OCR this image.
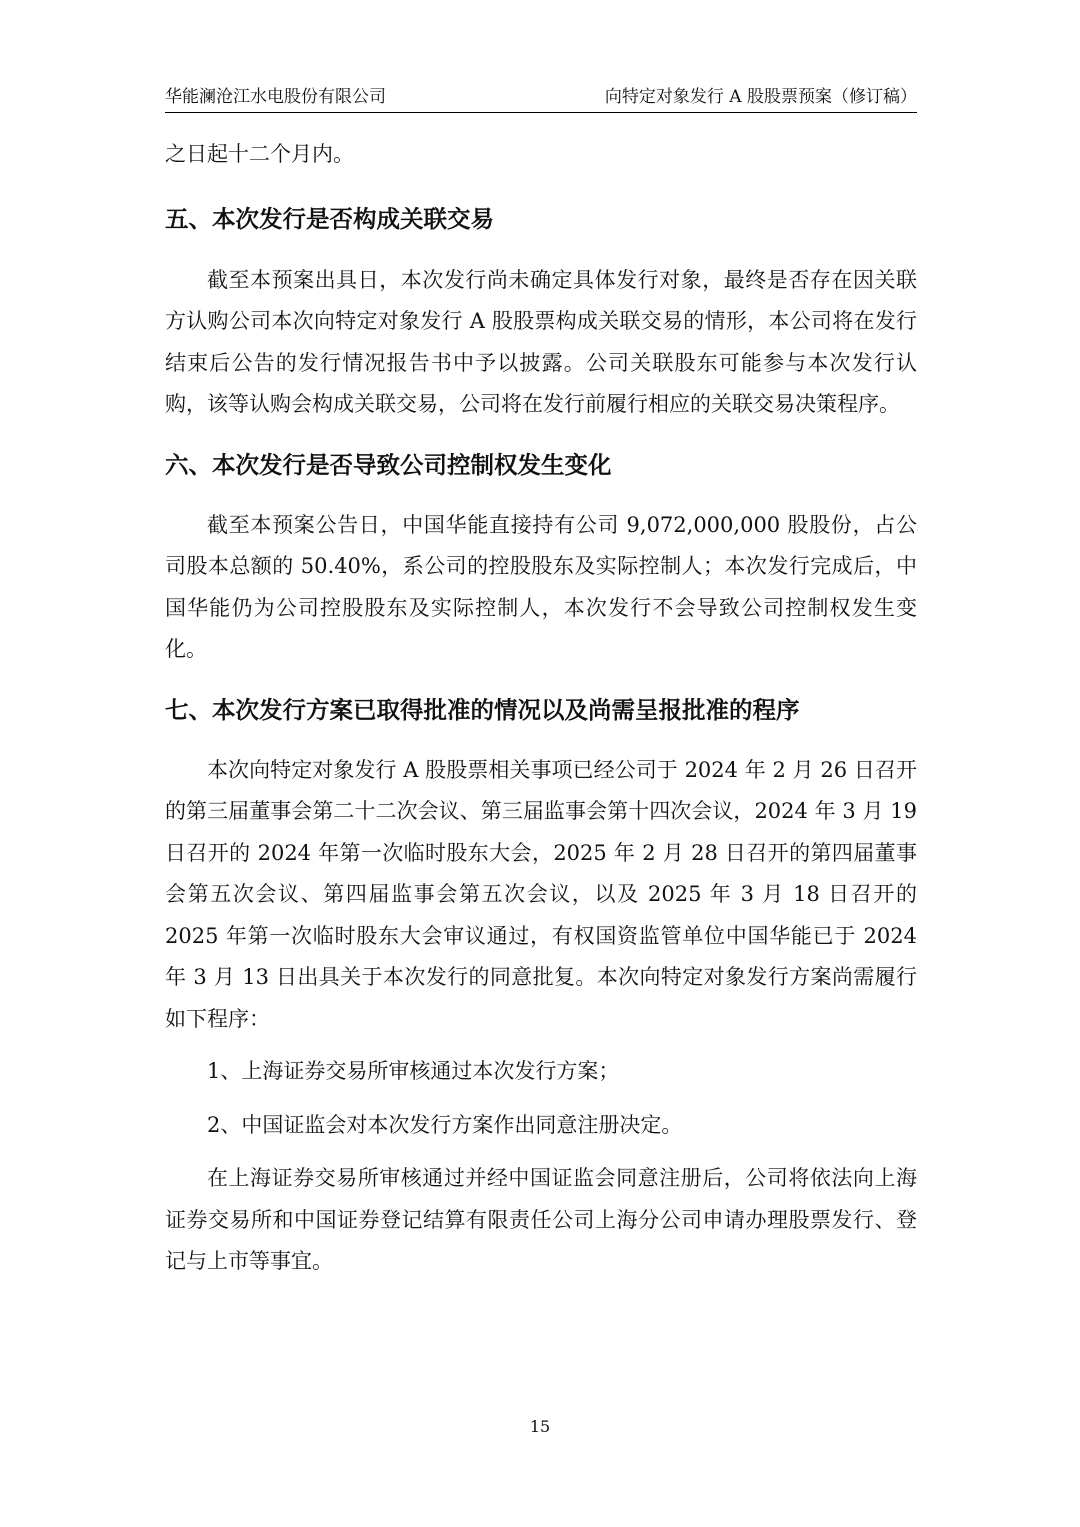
华能澜沧江水电股份有限公司	向特定对象发行 A 股股票预案（修订稿）

之日起十二个月内。

五、本次发行是否构成关联交易

截至本预案出具日，本次发行尚未确定具体发行对象，最终是否存在因关联方认购公司本次向特定对象发行 A 股股票构成关联交易的情形，本公司将在发行结束后公告的发行情况报告书中予以披露。公司关联股东可能参与本次发行认购，该等认购会构成关联交易，公司将在发行前履行相应的关联交易决策程序。

六、本次发行是否导致公司控制权发生变化

截至本预案公告日，中国华能直接持有公司 9,072,000,000 股股份，占公司股本总额的 50.40%，系公司的控股股东及实际控制人；本次发行完成后，中国华能仍为公司控股股东及实际控制人，本次发行不会导致公司控制权发生变化。

七、本次发行方案已取得批准的情况以及尚需呈报批准的程序

本次向特定对象发行 A 股股票相关事项已经公司于 2024 年 2 月 26 日召开的第三届董事会第二十二次会议、第三届监事会第十四次会议，2024 年 3 月 19 日召开的 2024 年第一次临时股东大会，2025 年 2 月 28 日召开的第四届董事会第五次会议、第四届监事会第五次会议，以及 2025 年 3 月 18 日召开的 2025 年第一次临时股东大会审议通过，有权国资监管单位中国华能已于 2024 年 3 月 13 日出具关于本次发行的同意批复。本次向特定对象发行方案尚需履行如下程序：

1、上海证券交易所审核通过本次发行方案；

2、中国证监会对本次发行方案作出同意注册决定。

在上海证券交易所审核通过并经中国证监会同意注册后，公司将依法向上海证券交易所和中国证券登记结算有限责任公司上海分公司申请办理股票发行、登记与上市等事宜。

15
